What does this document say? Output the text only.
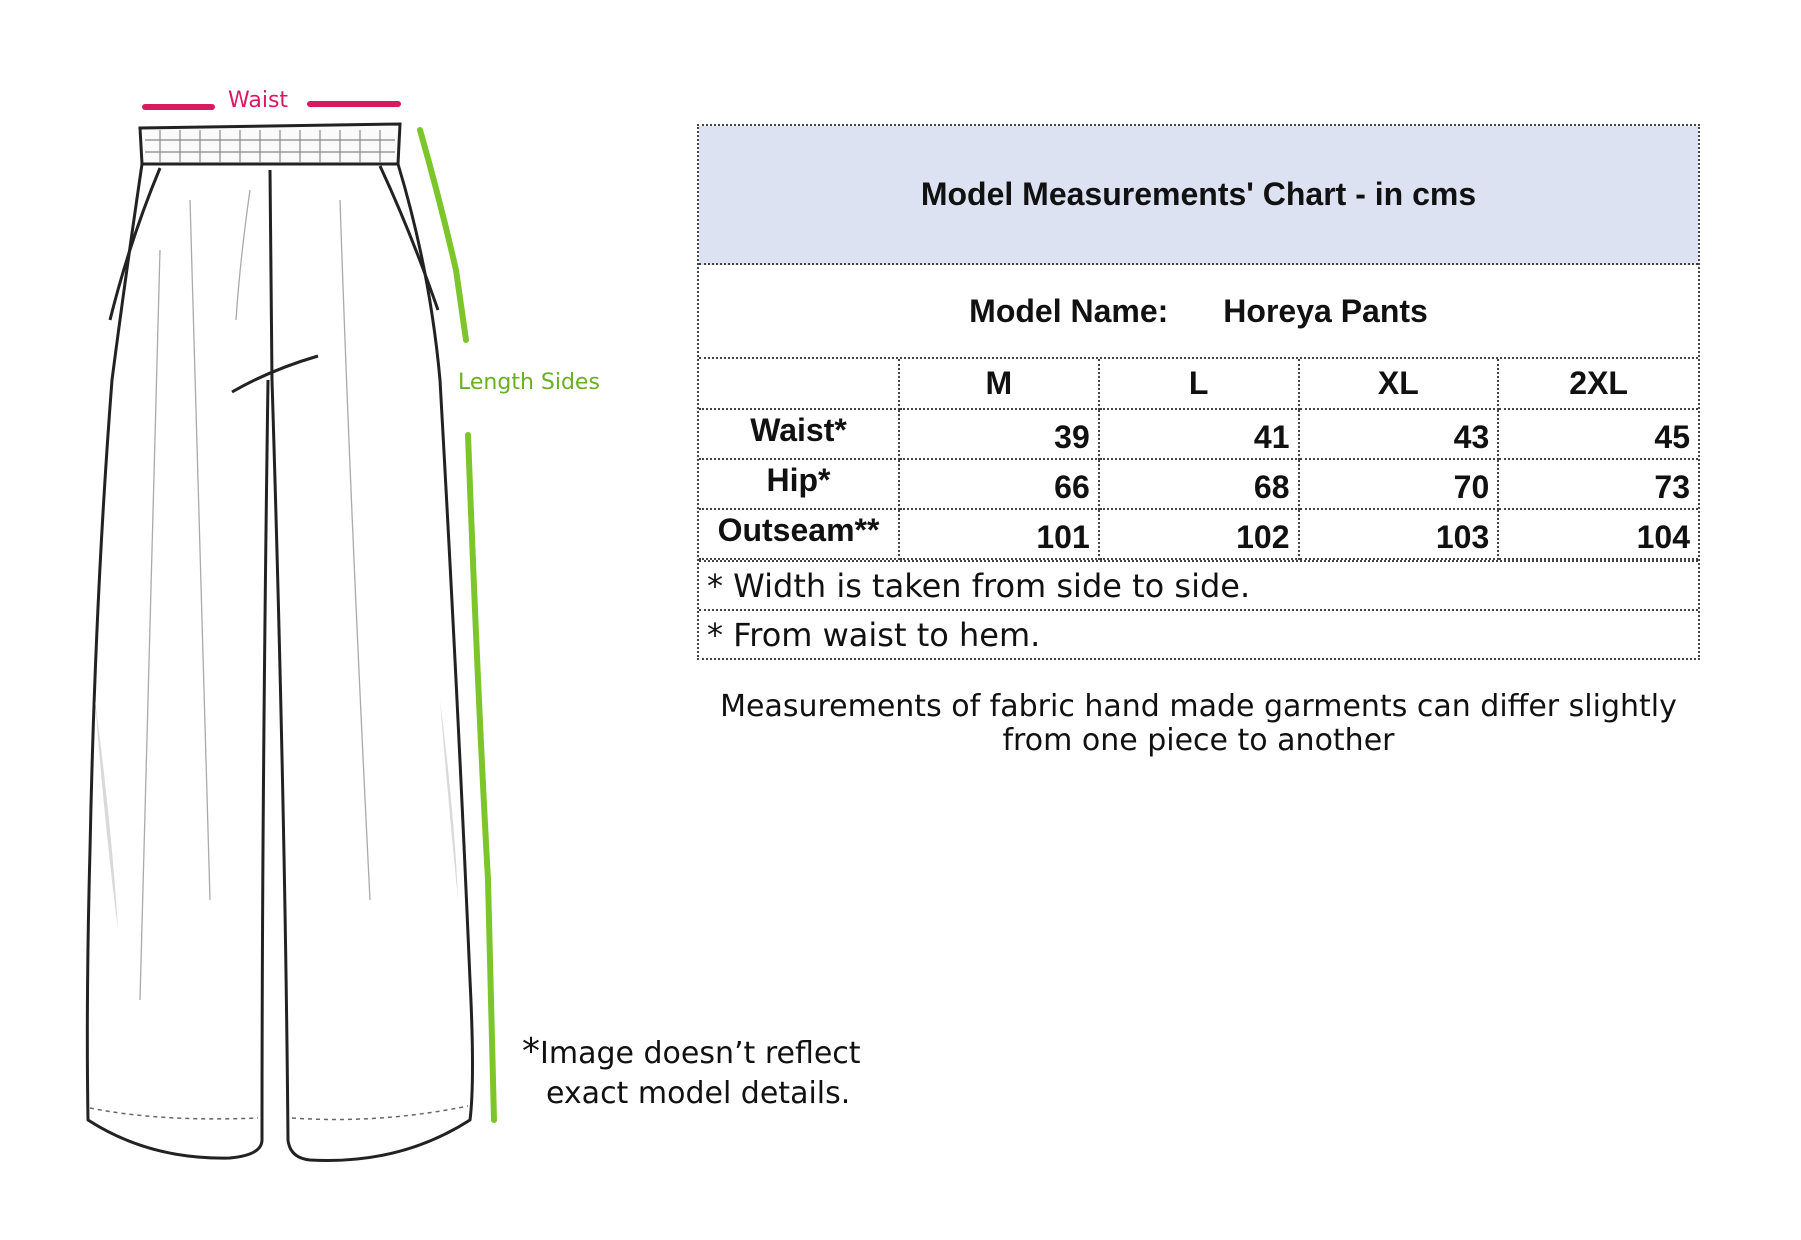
Waist
Length Sides
Model Measurements' Chart - in cms
Model Name: Horeya Pants
	M	L	XL	2XL
Waist*	39	41	43	45
Hip*	66	68	70	73
Outseam**	101	102	103	104
* Width is taken from side to side.
* From waist to hem.
Measurements of fabric hand made garments can differ slightly
from one piece to another
*Image doesn’t reflect
exact model details.
